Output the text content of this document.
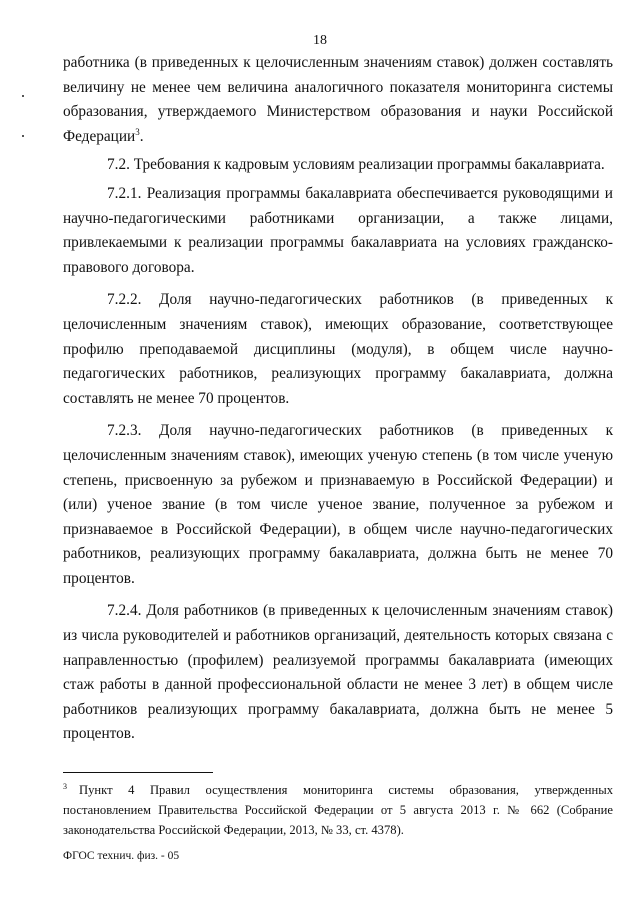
18

работника (в приведенных к целочисленным значениям ставок) должен составлять величину не менее чем величина аналогичного показателя мониторинга системы образования, утверждаемого Министерством образования и науки Российской Федерации$^3$.

7.2. Требования к кадровым условиям реализации программы бакалавриата.

7.2.1. Реализация программы бакалавриата обеспечивается руководящими и научно-педагогическими работниками организации, а также лицами, привлекаемыми к реализации программы бакалавриата на условиях гражданско-правового договора.

7.2.2. Доля научно-педагогических работников (в приведенных к целочисленным значениям ставок), имеющих образование, соответствующее профилю преподаваемой дисциплины (модуля), в общем числе научно-педагогических работников, реализующих программу бакалавриата, должна составлять не менее 70 процентов.

7.2.3. Доля научно-педагогических работников (в приведенных к целочисленным значениям ставок), имеющих ученую степень (в том числе ученую степень, присвоенную за рубежом и признаваемую в Российской Федерации) и (или) ученое звание (в том числе ученое звание, полученное за рубежом и признаваемое в Российской Федерации), в общем числе научно-педагогических работников, реализующих программу бакалавриата, должна быть не менее 70 процентов.

7.2.4. Доля работников (в приведенных к целочисленным значениям ставок) из числа руководителей и работников организаций, деятельность которых связана с направленностью (профилем) реализуемой программы бакалавриата (имеющих стаж работы в данной профессиональной области не менее 3 лет) в общем числе работников реализующих программу бакалавриата, должна быть не менее 5 процентов.

$^3$ Пункт 4 Правил осуществления мониторинга системы образования, утвержденных постановлением Правительства Российской Федерации от 5 августа 2013 г. № 662 (Собрание законодательства Российской Федерации, 2013, № 33, ст. 4378).
ФГОС технич. физ. - 05
